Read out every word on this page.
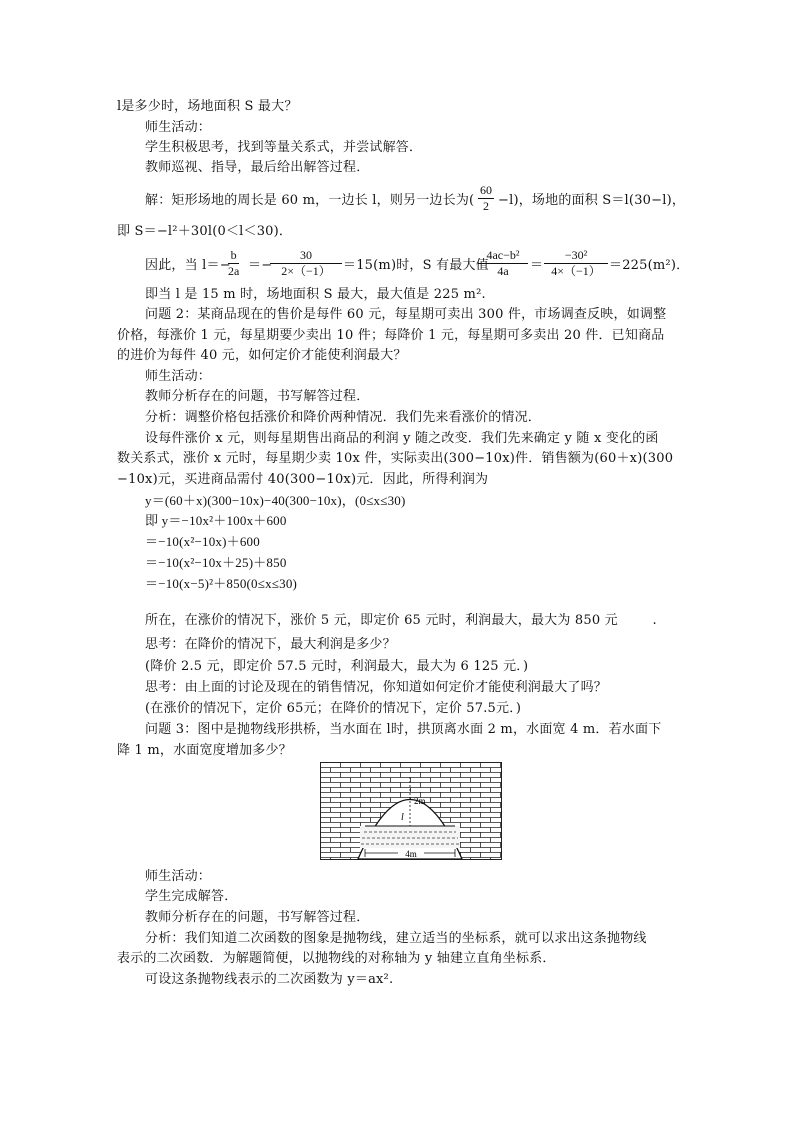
l是多少时，场地面积 S 最大？
师生活动：
学生积极思考，找到等量关系式，并尝试解答．
教师巡视、指导，最后给出解答过程．
解：矩形场地的周长是 60 m，一边长 l，则另一边长为( $\frac{60}{2} -l$)，场地的面积 S＝l(30−l)，
即 S＝−l²＋30l(0＜l＜30)．
因此，当 l＝−
$\frac{b}{2a}$ ＝−
$\frac{30}{2\times(-1)} =15(m)$时，S 有最大值
$\frac{\text{4ac−b²}}{4a} = \frac{\text{−30²}}{4\times(-1)} =225(m^2)$．
即当 l 是 15 m 时，场地面积 S 最大，最大值是 225 m².
问题 2：某商品现在的售价是每件 60 元，每星期可卖出 300 件，市场调查反映，如调整
价格，每涨价 1 元，每星期要少卖出 10 件；每降价 1 元，每星期可多卖出 20 件．已知商品
的进价为每件 40 元，如何定价才能使利润最大？
师生活动：
教师分析存在的问题，书写解答过程．
分析：调整价格包括涨价和降价两种情况．我们先来看涨价的情况．
设每件涨价 x 元，则每星期售出商品的利润 y 随之改变．我们先来确定 y 随 x 变化的函
数关系式，涨价 x 元时，每星期少卖 10x 件，实际卖出(300−10x)件．销售额为(60＋x)(300
−10x)元，买进商品需付 40(300−10x)元．因此，所得利润为
y＝(60＋x)(300−10x)−40(300−10x)，(0≤x≤30)
即 y＝−10x²＋100x＋600
＝−10(x²−10x)＋600
＝−10(x²−10x＋25)＋850
＝−10(x−5)²＋850(0≤x≤30)
所在，在涨价的情况下，涨价 5 元，即定价 65 元时，利润最大，最大为 850 元        .
思考：在降价的情况下，最大利润是多少？
(降价 2.5 元，即定价 57.5 元时，利润最大，最大为 6 125 元．)
思考：由上面的讨论及现在的销售情况，你知道如何定价才能使利润最大了吗？
(在涨价的情况下，定价 65元；在降价的情况下，定价 57.5元．)
问题 3：图中是抛物线形拱桥，当水面在 l时，拱顶离水面 2 m，水面宽 4 m．若水面下
降 1 m，水面宽度增加多少？
4m
2m
l
师生活动：
学生完成解答．
教师分析存在的问题，书写解答过程．
分析：我们知道二次函数的图象是抛物线，建立适当的坐标系，就可以求出这条抛物线
表示的二次函数．为解题简便，以抛物线的对称轴为 y 轴建立直角坐标系．
可设这条抛物线表示的二次函数为 y＝ax².
